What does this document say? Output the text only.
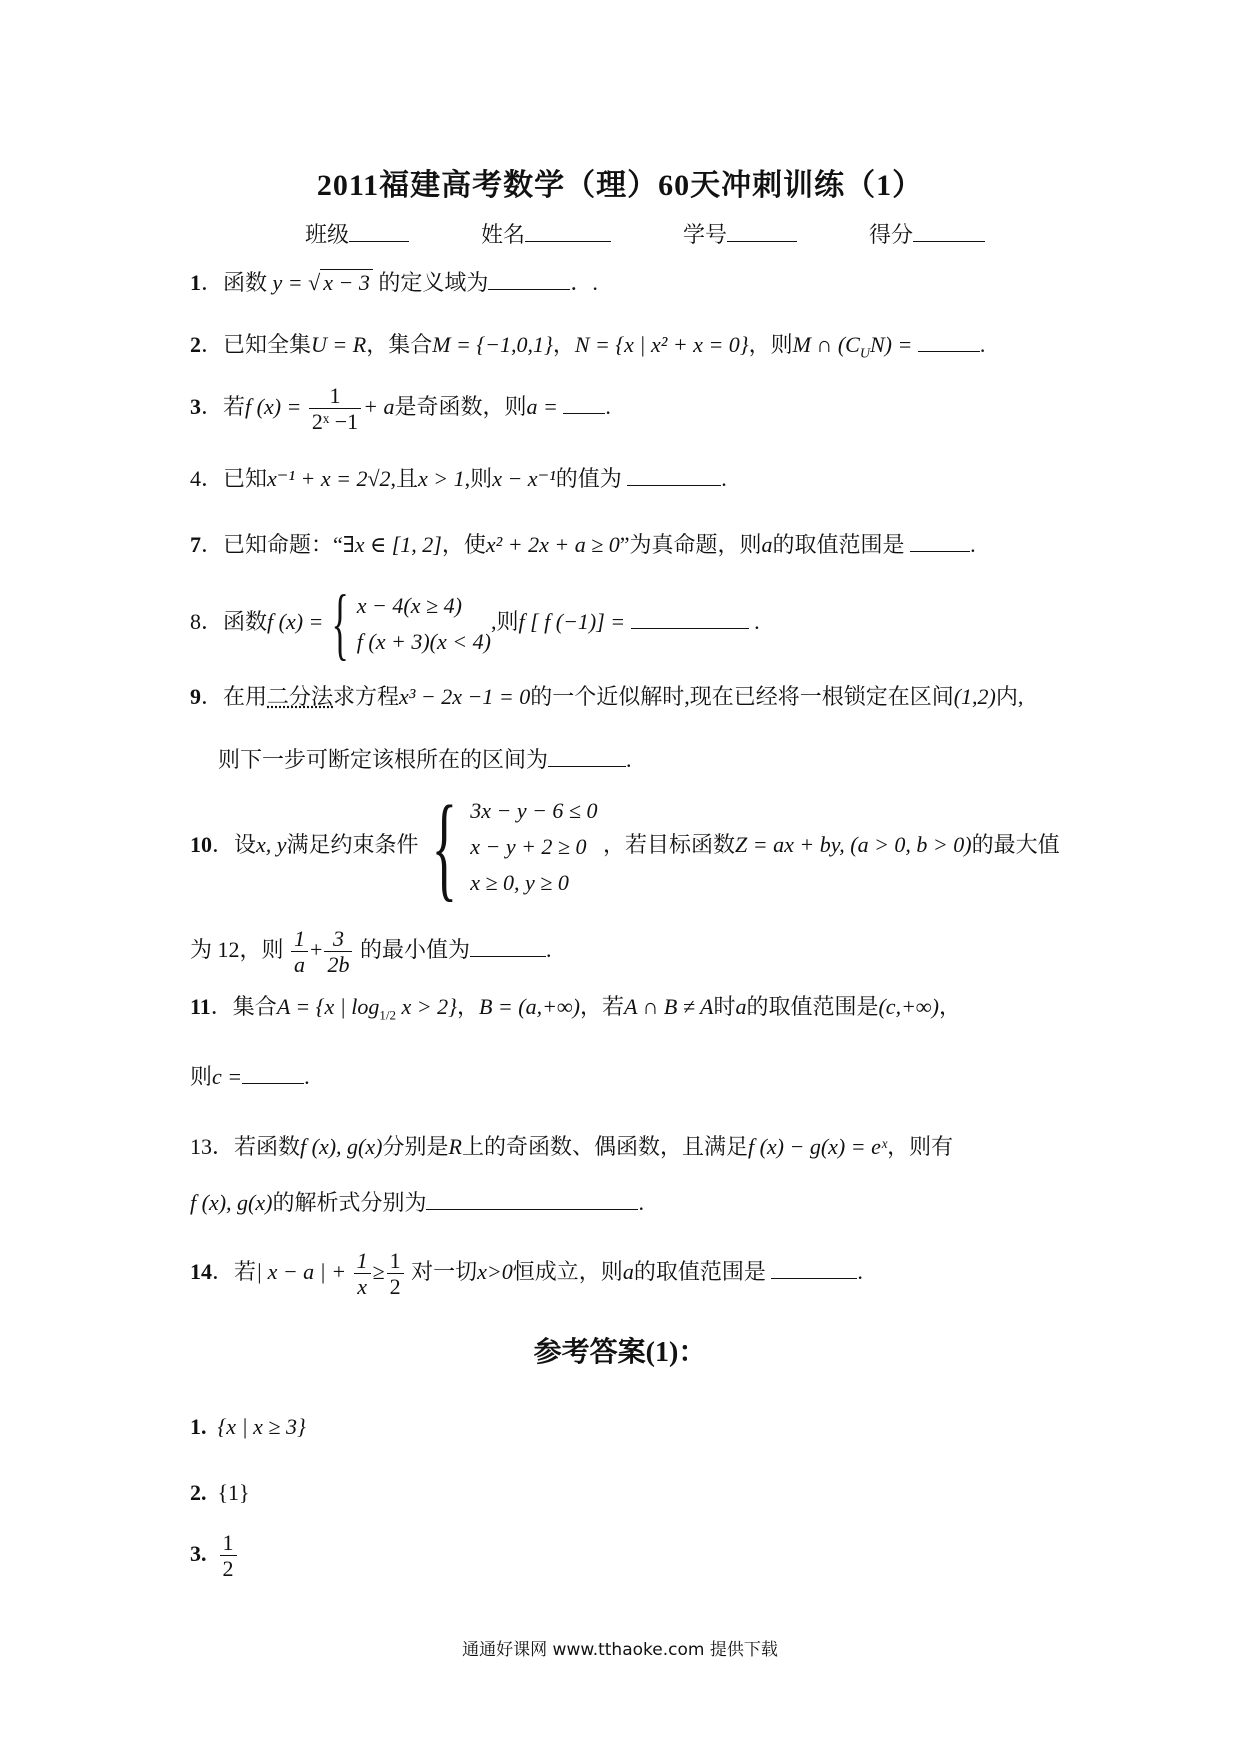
2011福建高考数学（理）60天冲刺训练（1）
班级	姓名	学号	得分
1．函数 y = √ x − 3 的定义域为	．.
2．已知全集U = R，集合M = {−1,0,1}，N = {x | x² + x = 0}，则M ∩ $(C_UN)$ =	.
3．若f $(x) = \frac{1}{\text{2ˣ −1}} + a$是奇函数，则a = .
4．已知x⁻¹ + x = 2√2,且x > 1,则x − x⁻¹的值为	.
7．已知命题：“∃x ∈ [1, 2]，使x² + 2x + a ≥ 0”为真命题，则a的取值范围是	.
8．函数f (x) = { x − 4(x ≥ 4)
f (x + 3)(x < 4)
,则f [ f (−1)] =	.
9．在用二分法求方程x³ − 2x −1 = 0的一个近似解时,现在已经将一根锁定在区间(1,2)内,
则下一步可断定该根所在的区间为	.
10．设x, y满足约束条件 { 3x − y − 6 ≤ 0
x − y + 2 ≥ 0
x ≥ 0, y ≥ 0
，若目标函数Z = ax + by, (a > 0, b > 0)的最大值
为 12，则 $\frac{1}{a} + \frac{3}{2b}$ 的最小值为	.
11．集合A = {x | $\log_{1/2} x > 2$}，B = (a,+∞)，若A ∩ B ≠ A时a的取值范围是(c,+∞)，
则c =	.
13．若函数f (x), g(x)分别是R上的奇函数、偶函数，且满足f (x) − g(x) = eˣ，则有
f (x), g(x)的解析式分别为	.
14．若| x − a | + $\frac{1}{x} \ge \frac{1}{2}$ 对一切x>0恒成立，则a的取值范围是	.
参考答案(1)：
1. {x | x ≥ 3}
2. {1}
3. $\frac{1}{2}$
通通好课网 www.tthaoke.com 提供下载
